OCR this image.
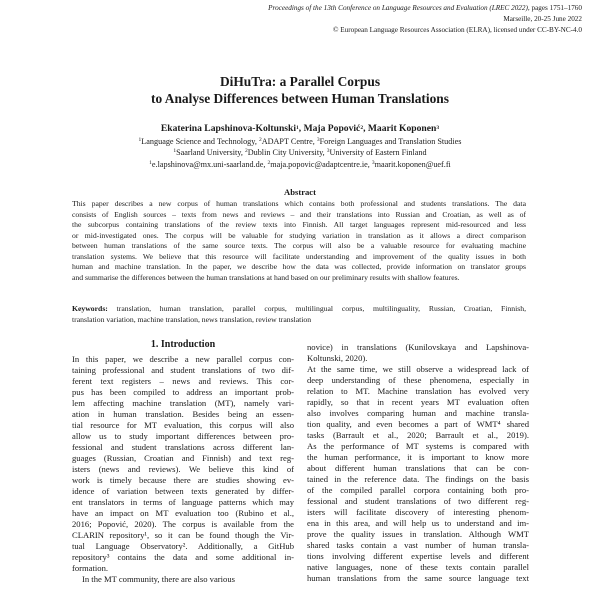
Proceedings of the 13th Conference on Language Resources and Evaluation (LREC 2022), pages 1751–1760
Marseille, 20-25 June 2022
© European Language Resources Association (ELRA), licensed under CC-BY-NC-4.0
DiHuTra: a Parallel Corpus
to Analyse Differences between Human Translations
Ekaterina Lapshinova-Koltunski$^1$, Maja Popović$^2$, Maarit Koponen$^3$
$^1$Language Science and Technology, $^2$ADAPT Centre, $^3$Foreign Languages and Translation Studies
$^1$Saarland University, $^2$Dublin City University, $^3$University of Eastern Finland
$^1$e.lapshinova@mx.uni-saarland.de, $^2$maja.popovic@adaptcentre.ie, $^3$maarit.koponen@uef.fi
Abstract
This paper describes a new corpus of human translations which contains both professional and students translations. The data
consists of English sources – texts from news and reviews – and their translations into Russian and Croatian, as well as of
the subcorpus containing translations of the review texts into Finnish. All target languages represent mid-resourced and less
or mid-investigated ones. The corpus will be valuable for studying variation in translation as it allows a direct comparison
between human translations of the same source texts. The corpus will also be a valuable resource for evaluating machine
translation systems. We believe that this resource will facilitate understanding and improvement of the quality issues in both
human and machine translation. In the paper, we describe how the data was collected, provide information on translator groups
and summarise the differences between the human translations at hand based on our preliminary results with shallow features.
Keywords: translation, human translation, parallel corpus, multilingual corpus, multilinguality, Russian, Croatian, Finnish,
translation variation, machine translation, news translation, review translation
1. Introduction
In this paper, we describe a new parallel corpus con-
taining professional and student translations of two dif-
ferent text registers – news and reviews. This cor-
pus has been compiled to address an important prob-
lem affecting machine translation (MT), namely vari-
ation in human translation. Besides being an essen-
tial resource for MT evaluation, this corpus will also
allow us to study important differences between pro-
fessional and student translations across different lan-
guages (Russian, Croatian and Finnish) and text reg-
isters (news and reviews). We believe this kind of
work is timely because there are studies showing ev-
idence of variation between texts generated by differ-
ent translators in terms of language patterns which may
have an impact on MT evaluation too (Rubino et al.,
2016; Popović, 2020). The corpus is available from the
CLARIN repository¹, so it can be found though the Vir-
tual Language Observatory². Additionally, a GitHub
repository³ contains the data and some additional in-
formation.
In the MT community, there are also various
novice) in translations (Kunilovskaya and Lapshinova-
Koltunski, 2020).
At the same time, we still observe a widespread lack of
deep understanding of these phenomena, especially in
relation to MT. Machine translation has evolved very
rapidly, so that in recent years MT evaluation often
also involves comparing human and machine transla-
tion quality, and even becomes a part of WMT⁴ shared
tasks (Barrault et al., 2020; Barrault et al., 2019).
As the performance of MT systems is compared with
the human performance, it is important to know more
about different human translations that can be con-
tained in the reference data. The findings on the basis
of the compiled parallel corpora containing both pro-
fessional and student translations of two different reg-
isters will facilitate discovery of interesting phenom-
ena in this area, and will help us to understand and im-
prove the quality issues in translation. Although WMT
shared tasks contain a vast number of human transla-
tions involving different expertise levels and different
native languages, none of these texts contain parallel
human translations from the same source language text
